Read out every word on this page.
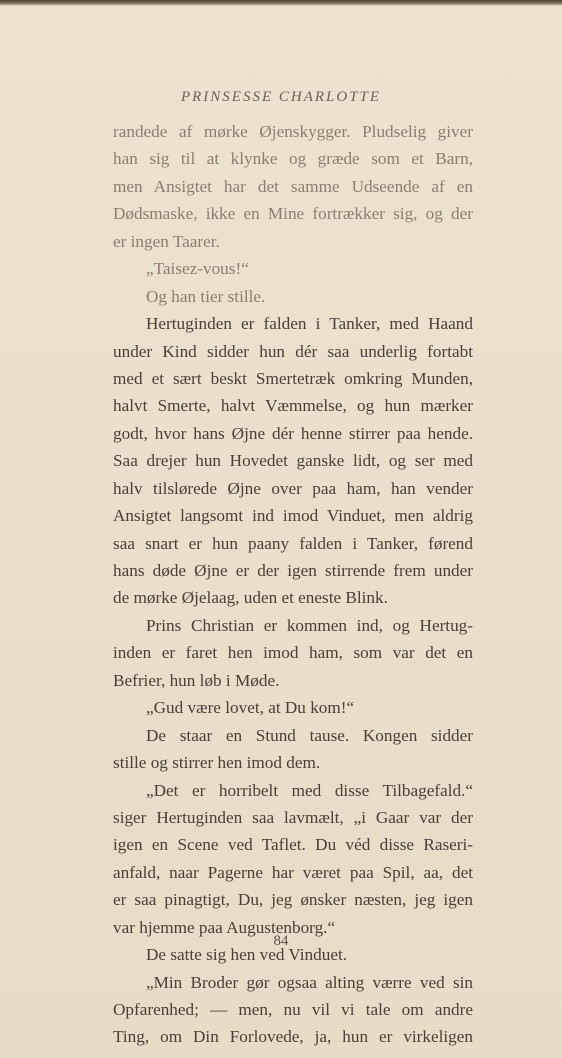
PRINSESSE CHARLOTTE
randede af mørke Øjenskygger. Pludselig giver
han sig til at klynke og græde som et Barn,
men Ansigtet har det samme Udseende af en
Dødsmaske, ikke en Mine fortrækker sig, og der
er ingen Taarer.
„Taisez-vous!“
Og han tier stille.
Hertuginden er falden i Tanker, med Haand
under Kind sidder hun dér saa underlig fortabt
med et sært beskt Smertetræk omkring Munden,
halvt Smerte, halvt Væmmelse, og hun mærker
godt, hvor hans Øjne dér henne stirrer paa hende.
Saa drejer hun Hovedet ganske lidt, og ser med
halv tilslørede Øjne over paa ham, han vender
Ansigtet langsomt ind imod Vinduet, men aldrig
saa snart er hun paany falden i Tanker, førend
hans døde Øjne er der igen stirrende frem under
de mørke Øjelaag, uden et eneste Blink.
Prins Christian er kommen ind, og Hertug-
inden er faret hen imod ham, som var det en
Befrier, hun løb i Møde.
„Gud være lovet, at Du kom!“
De staar en Stund tause. Kongen sidder
stille og stirrer hen imod dem.
„Det er horribelt med disse Tilbagefald.“
siger Hertuginden saa lavmælt, „i Gaar var der
igen en Scene ved Taflet. Du véd disse Raseri-
anfald, naar Pagerne har været paa Spil, aa, det
er saa pinagtigt, Du, jeg ønsker næsten, jeg igen
var hjemme paa Augustenborg.“
De satte sig hen ved Vinduet.
„Min Broder gør ogsaa alting værre ved sin
Opfarenhed; — men, nu vil vi tale om andre
Ting, om Din Forlovede, ja, hun er virkeligen
84
